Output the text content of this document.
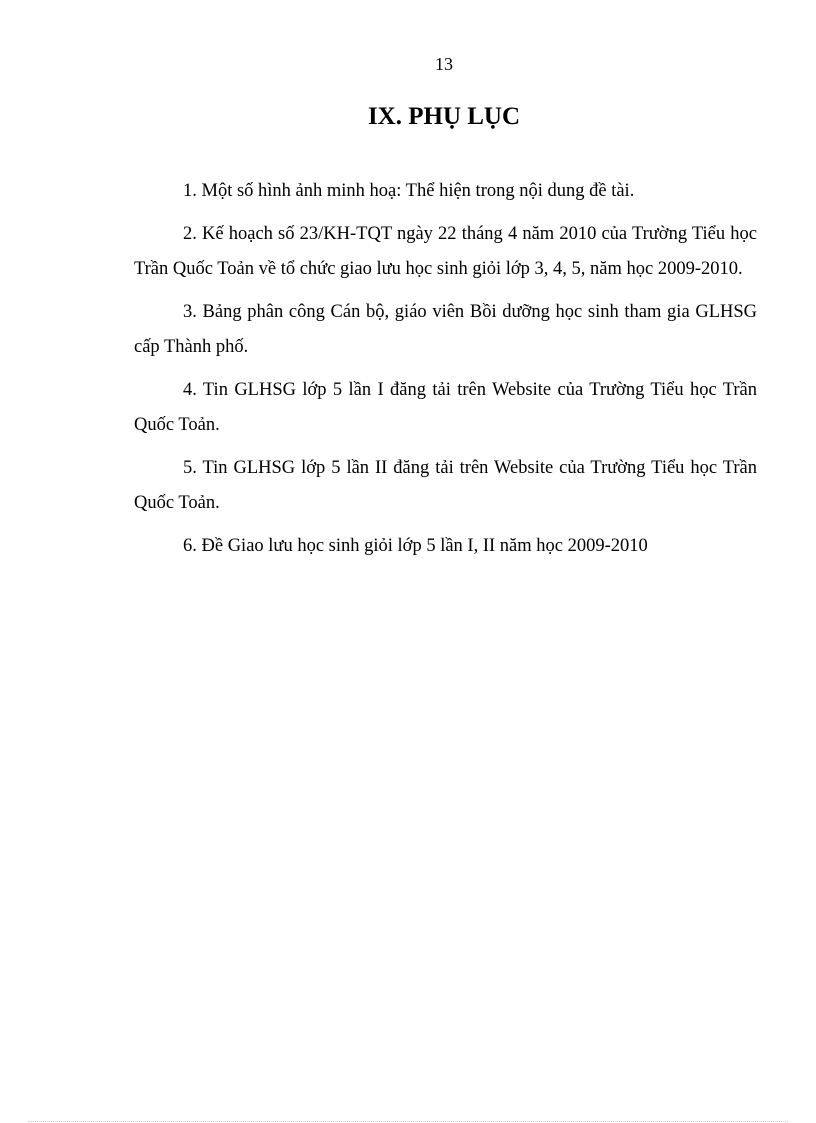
13
IX. PHỤ LỤC

1. Một số hình ảnh minh hoạ: Thể hiện trong nội dung đề tài.

2. Kế hoạch số 23/KH-TQT ngày 22 tháng 4 năm 2010 của Trường Tiểu học Trần Quốc Toản về tổ chức giao lưu học sinh giỏi lớp 3, 4, 5, năm học 2009-2010.

3. Bảng phân công Cán bộ, giáo viên Bồi dưỡng học sinh tham gia GLHSG cấp Thành phố.

4. Tin GLHSG lớp 5 lần I đăng tải trên Website của Trường Tiểu học Trần Quốc Toản.

5. Tin GLHSG lớp 5 lần II đăng tải trên Website của Trường Tiểu học Trần Quốc Toản.

6. Đề Giao lưu học sinh giỏi lớp 5 lần I, II năm học 2009-2010
